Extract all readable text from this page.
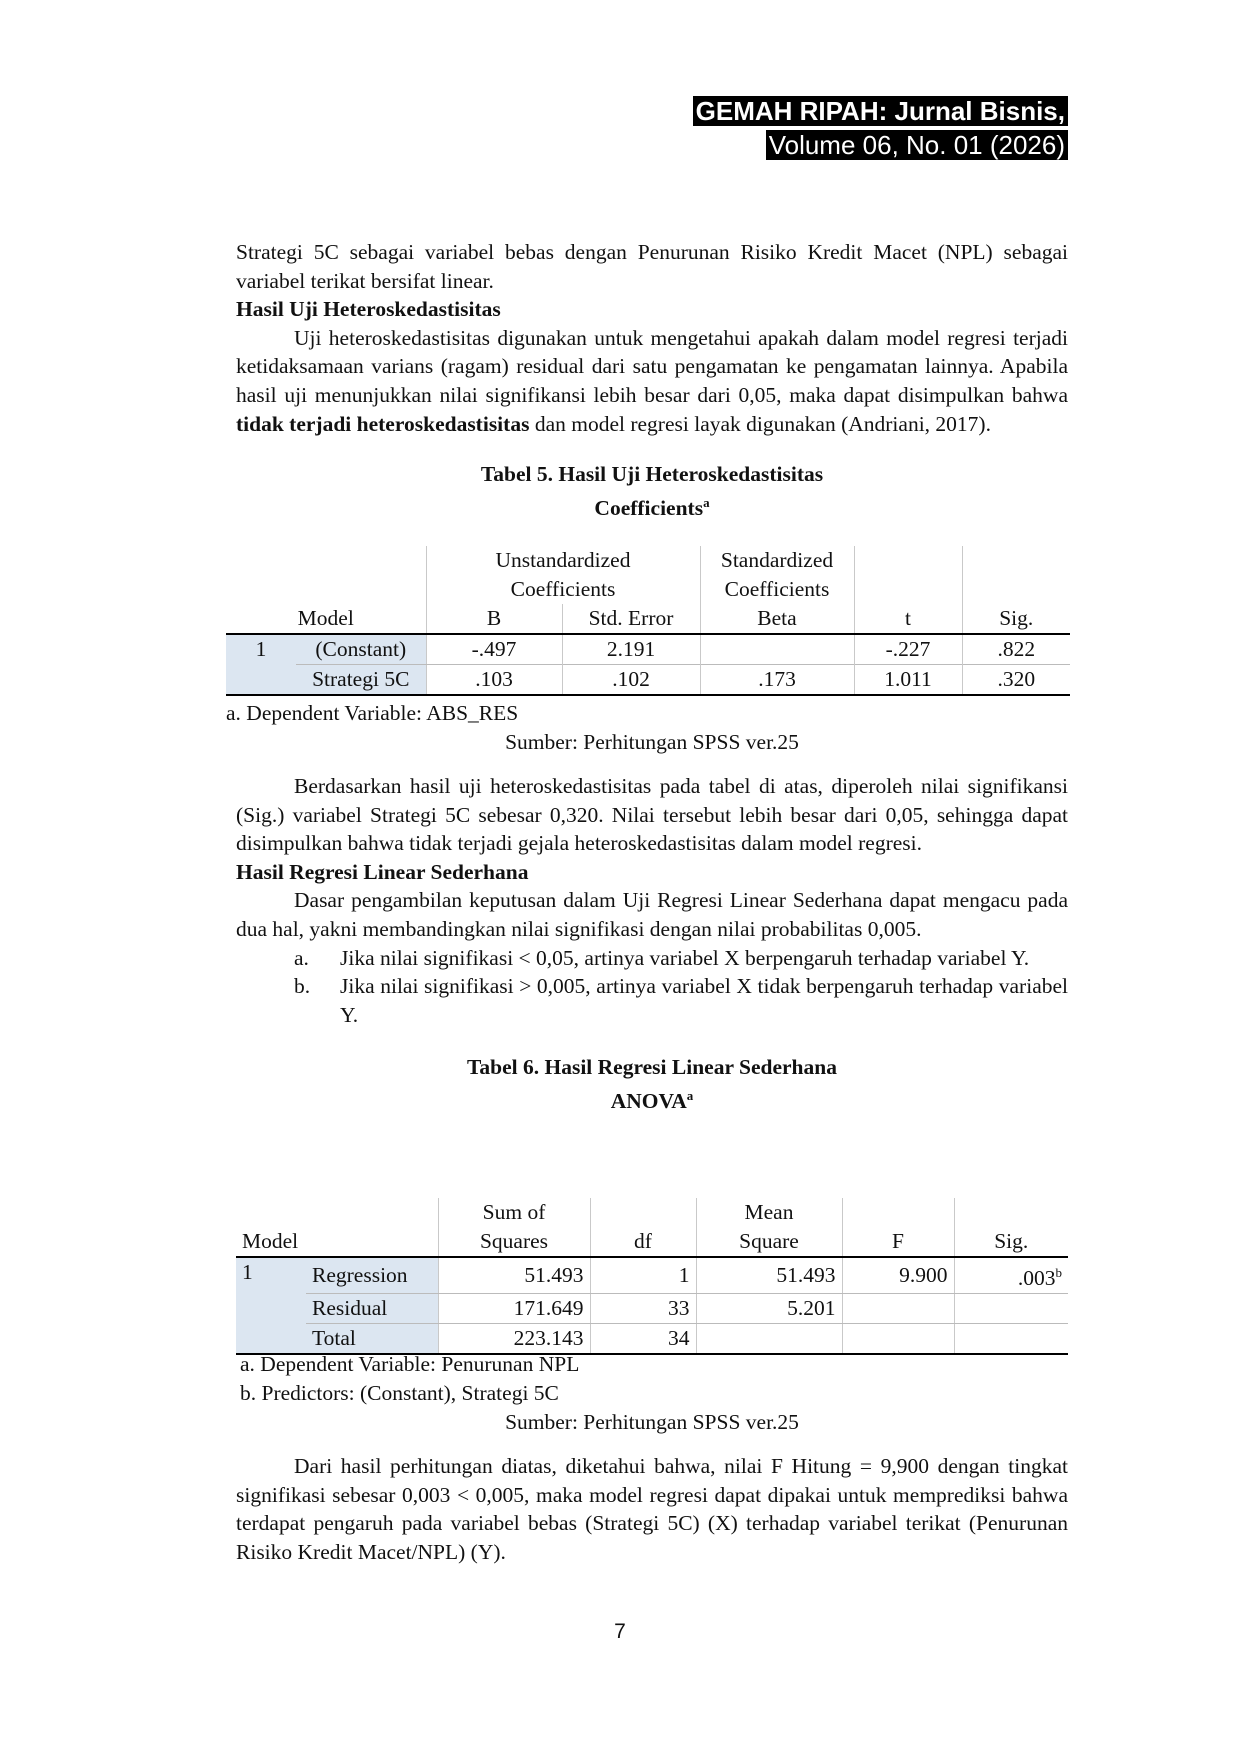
GEMAH RIPAH: Jurnal Bisnis,
Volume 06, No. 01 (2026)

Strategi 5C sebagai variabel bebas dengan Penurunan Risiko Kredit Macet (NPL) sebagai variabel terikat bersifat linear.

Hasil Uji Heteroskedastisitas

Uji heteroskedastisitas digunakan untuk mengetahui apakah dalam model regresi terjadi ketidaksamaan varians (ragam) residual dari satu pengamatan ke pengamatan lainnya. Apabila hasil uji menunjukkan nilai signifikansi lebih besar dari 0,05, maka dapat disimpulkan bahwa tidak terjadi heteroskedastisitas dan model regresi layak digunakan (Andriani, 2017).

Tabel 5. Hasil Uji Heteroskedastisitas
Coefficients$^a$
		Unstandardized		Standardized		
		Coefficients		Coefficients		
Model		B	Std. Error	Beta	t	Sig.
1	(Constant)	-.497	2.191		-.227	.822
	Strategi 5C	.103	.102	.173	1.011	.320
a. Dependent Variable: ABS_RES
Sumber: Perhitungan SPSS ver.25

Berdasarkan hasil uji heteroskedastisitas pada tabel di atas, diperoleh nilai signifikansi (Sig.) variabel Strategi 5C sebesar 0,320. Nilai tersebut lebih besar dari 0,05, sehingga dapat disimpulkan bahwa tidak terjadi gejala heteroskedastisitas dalam model regresi.

Hasil Regresi Linear Sederhana

Dasar pengambilan keputusan dalam Uji Regresi Linear Sederhana dapat mengacu pada dua hal, yakni membandingkan nilai signifikasi dengan nilai probabilitas 0,005.

a. Jika nilai signifikasi < 0,05, artinya variabel X berpengaruh terhadap variabel Y.
b. Jika nilai signifikasi > 0,005, artinya variabel X tidak berpengaruh terhadap variabel Y.
Tabel 6. Hasil Regresi Linear Sederhana
ANOVA$^a$
		Sum of		Mean		
Model		Squares	df	Square	F	Sig.
1	Regression	51.493	1	51.493	9.900	.003$^b$
	Residual	171.649	33	5.201		
	Total	223.143	34			
a. Dependent Variable: Penurunan NPL
b. Predictors: (Constant), Strategi 5C
Sumber: Perhitungan SPSS ver.25

Dari hasil perhitungan diatas, diketahui bahwa, nilai F Hitung = 9,900 dengan tingkat signifikasi sebesar 0,003 < 0,005, maka model regresi dapat dipakai untuk memprediksi bahwa terdapat pengaruh pada variabel bebas (Strategi 5C) (X) terhadap variabel terikat (Penurunan Risiko Kredit Macet/NPL) (Y).

7
